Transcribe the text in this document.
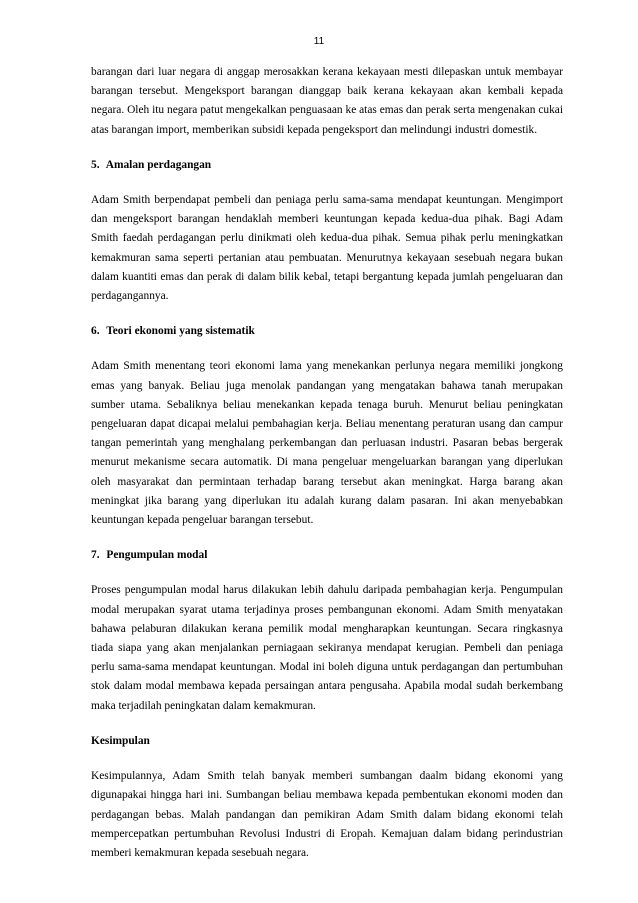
11

barangan dari luar negara di anggap merosakkan kerana kekayaan mesti dilepaskan untuk membayar barangan tersebut. Mengeksport barangan dianggap baik kerana kekayaan akan kembali kepada negara. Oleh itu negara patut mengekalkan penguasaan ke atas emas dan perak serta mengenakan cukai atas barangan import, memberikan subsidi kepada pengeksport dan melindungi industri domestik.

5. Amalan perdagangan

Adam Smith berpendapat pembeli dan peniaga perlu sama-sama mendapat keuntungan. Mengimport dan mengeksport barangan hendaklah memberi keuntungan kepada kedua-dua pihak. Bagi Adam Smith faedah perdagangan perlu dinikmati oleh kedua-dua pihak. Semua pihak perlu meningkatkan kemakmuran sama seperti pertanian atau pembuatan. Menurutnya kekayaan sesebuah negara bukan dalam kuantiti emas dan perak di dalam bilik kebal, tetapi bergantung kepada jumlah pengeluaran dan perdagangannya.

6. Teori ekonomi yang sistematik

Adam Smith menentang teori ekonomi lama yang menekankan perlunya negara memiliki jongkong emas yang banyak. Beliau juga menolak pandangan yang mengatakan bahawa tanah merupakan sumber utama. Sebaliknya beliau menekankan kepada tenaga buruh. Menurut beliau peningkatan pengeluaran dapat dicapai melalui pembahagian kerja. Beliau menentang peraturan usang dan campur tangan pemerintah yang menghalang perkembangan dan perluasan industri. Pasaran bebas bergerak menurut mekanisme secara automatik. Di mana pengeluar mengeluarkan barangan yang diperlukan oleh masyarakat dan permintaan terhadap barang tersebut akan meningkat. Harga barang akan meningkat jika barang yang diperlukan itu adalah kurang dalam pasaran. Ini akan menyebabkan keuntungan kepada pengeluar barangan tersebut.

7. Pengumpulan modal

Proses pengumpulan modal harus dilakukan lebih dahulu daripada pembahagian kerja. Pengumpulan modal merupakan syarat utama terjadinya proses pembangunan ekonomi. Adam Smith menyatakan bahawa pelaburan dilakukan kerana pemilik modal mengharapkan keuntungan. Secara ringkasnya tiada siapa yang akan menjalankan perniagaan sekiranya mendapat kerugian. Pembeli dan peniaga perlu sama-sama mendapat keuntungan. Modal ini boleh diguna untuk perdagangan dan pertumbuhan stok dalam modal membawa kepada persaingan antara pengusaha. Apabila modal sudah berkembang maka terjadilah peningkatan dalam kemakmuran.

Kesimpulan

Kesimpulannya, Adam Smith telah banyak memberi sumbangan daalm bidang ekonomi yang digunapakai hingga hari ini. Sumbangan beliau membawa kepada pembentukan ekonomi moden dan perdagangan bebas. Malah pandangan dan pemikiran Adam Smith dalam bidang ekonomi telah mempercepatkan pertumbuhan Revolusi Industri di Eropah. Kemajuan dalam bidang perindustrian memberi kemakmuran kepada sesebuah negara.
